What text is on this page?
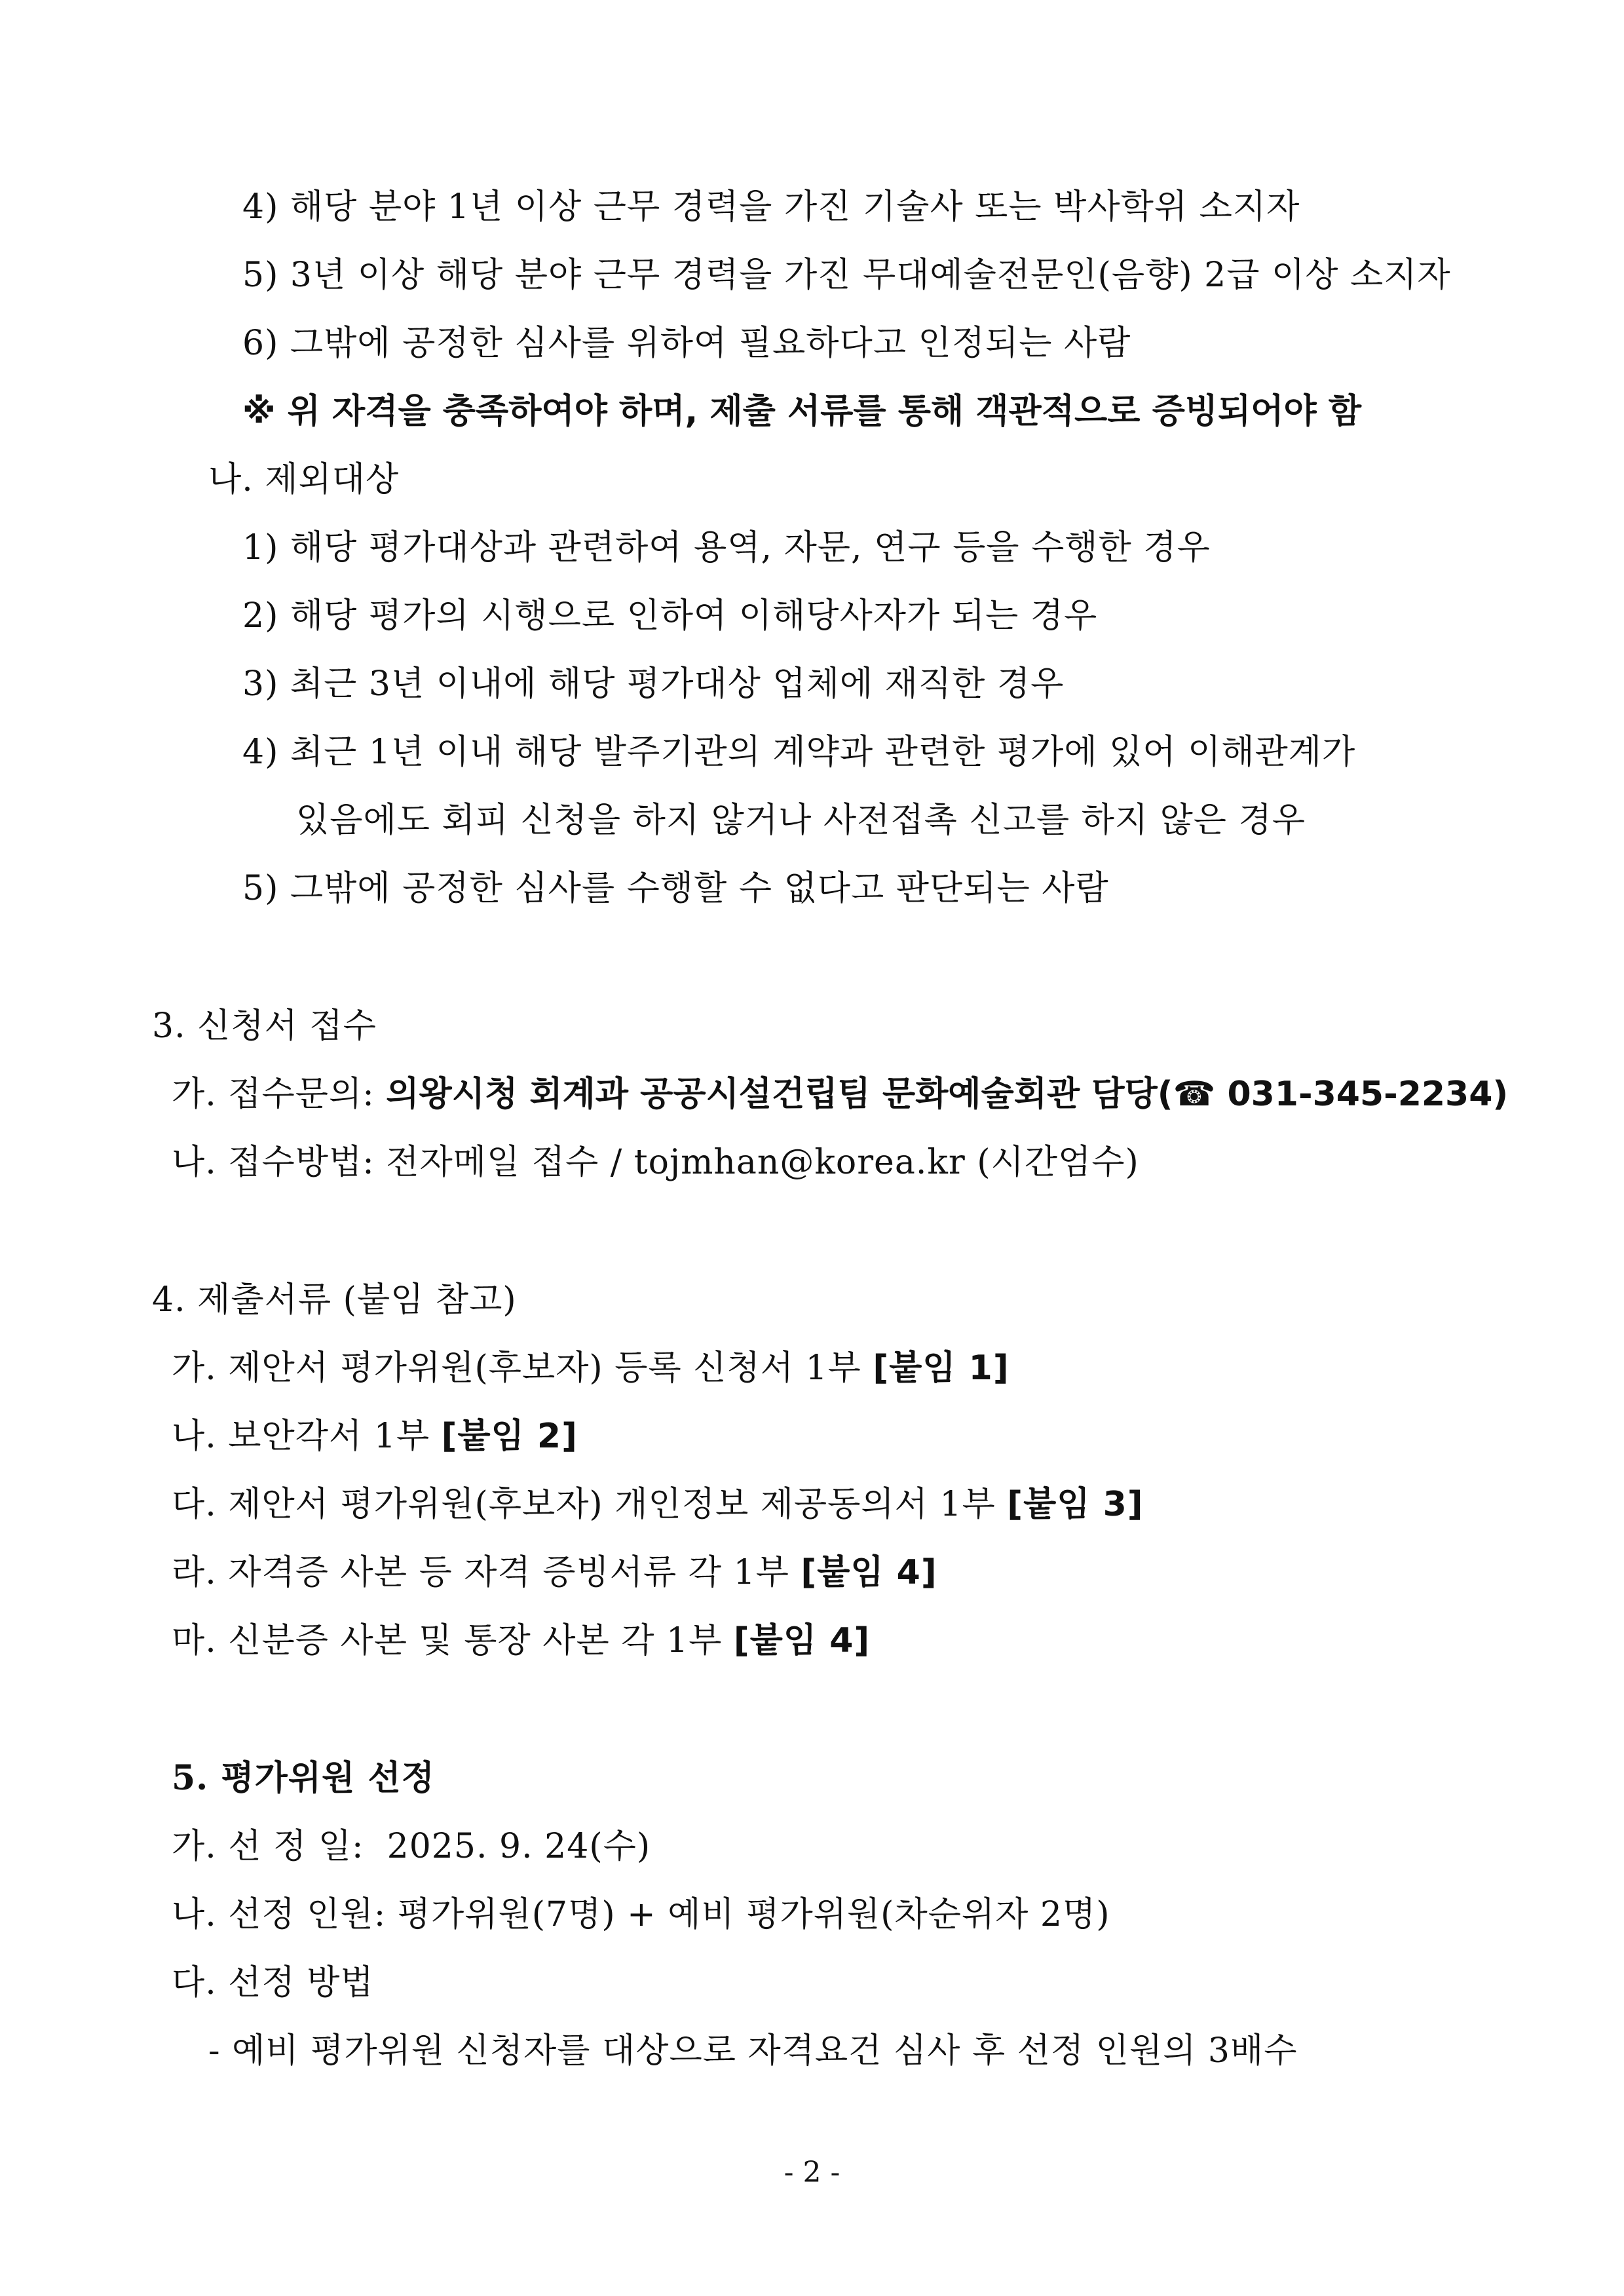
4) 해당 분야 1년 이상 근무 경력을 가진 기술사 또는 박사학위 소지자
5) 3년 이상 해당 분야 근무 경력을 가진 무대예술전문인(음향) 2급 이상 소지자
6) 그밖에 공정한 심사를 위하여 필요하다고 인정되는 사람
※ 위 자격을 충족하여야 하며, 제출 서류를 통해 객관적으로 증빙되어야 함
나. 제외대상
1) 해당 평가대상과 관련하여 용역, 자문, 연구 등을 수행한 경우
2) 해당 평가의 시행으로 인하여 이해당사자가 되는 경우
3) 최근 3년 이내에 해당 평가대상 업체에 재직한 경우
4) 최근 1년 이내 해당 발주기관의 계약과 관련한 평가에 있어 이해관계가
있음에도 회피 신청을 하지 않거나 사전접촉 신고를 하지 않은 경우
5) 그밖에 공정한 심사를 수행할 수 없다고 판단되는 사람
3. 신청서 접수
가. 접수문의: 의왕시청 회계과 공공시설건립팀 문화예술회관 담당(☎ 031-345-2234)
나. 접수방법: 전자메일 접수 / tojmhan@korea.kr (시간엄수)
4. 제출서류 (붙임 참고)
가. 제안서 평가위원(후보자) 등록 신청서 1부 [붙임 1]
나. 보안각서 1부 [붙임 2]
다. 제안서 평가위원(후보자) 개인정보 제공동의서 1부 [붙임 3]
라. 자격증 사본 등 자격 증빙서류 각 1부 [붙임 4]
마. 신분증 사본 및 통장 사본 각 1부 [붙임 4]
5. 평가위원 선정
가. 선 정 일:  2025. 9. 24(수)
나. 선정 인원: 평가위원(7명) + 예비 평가위원(차순위자 2명)
다. 선정 방법
- 예비 평가위원 신청자를 대상으로 자격요건 심사 후 선정 인원의 3배수
- 2 -
